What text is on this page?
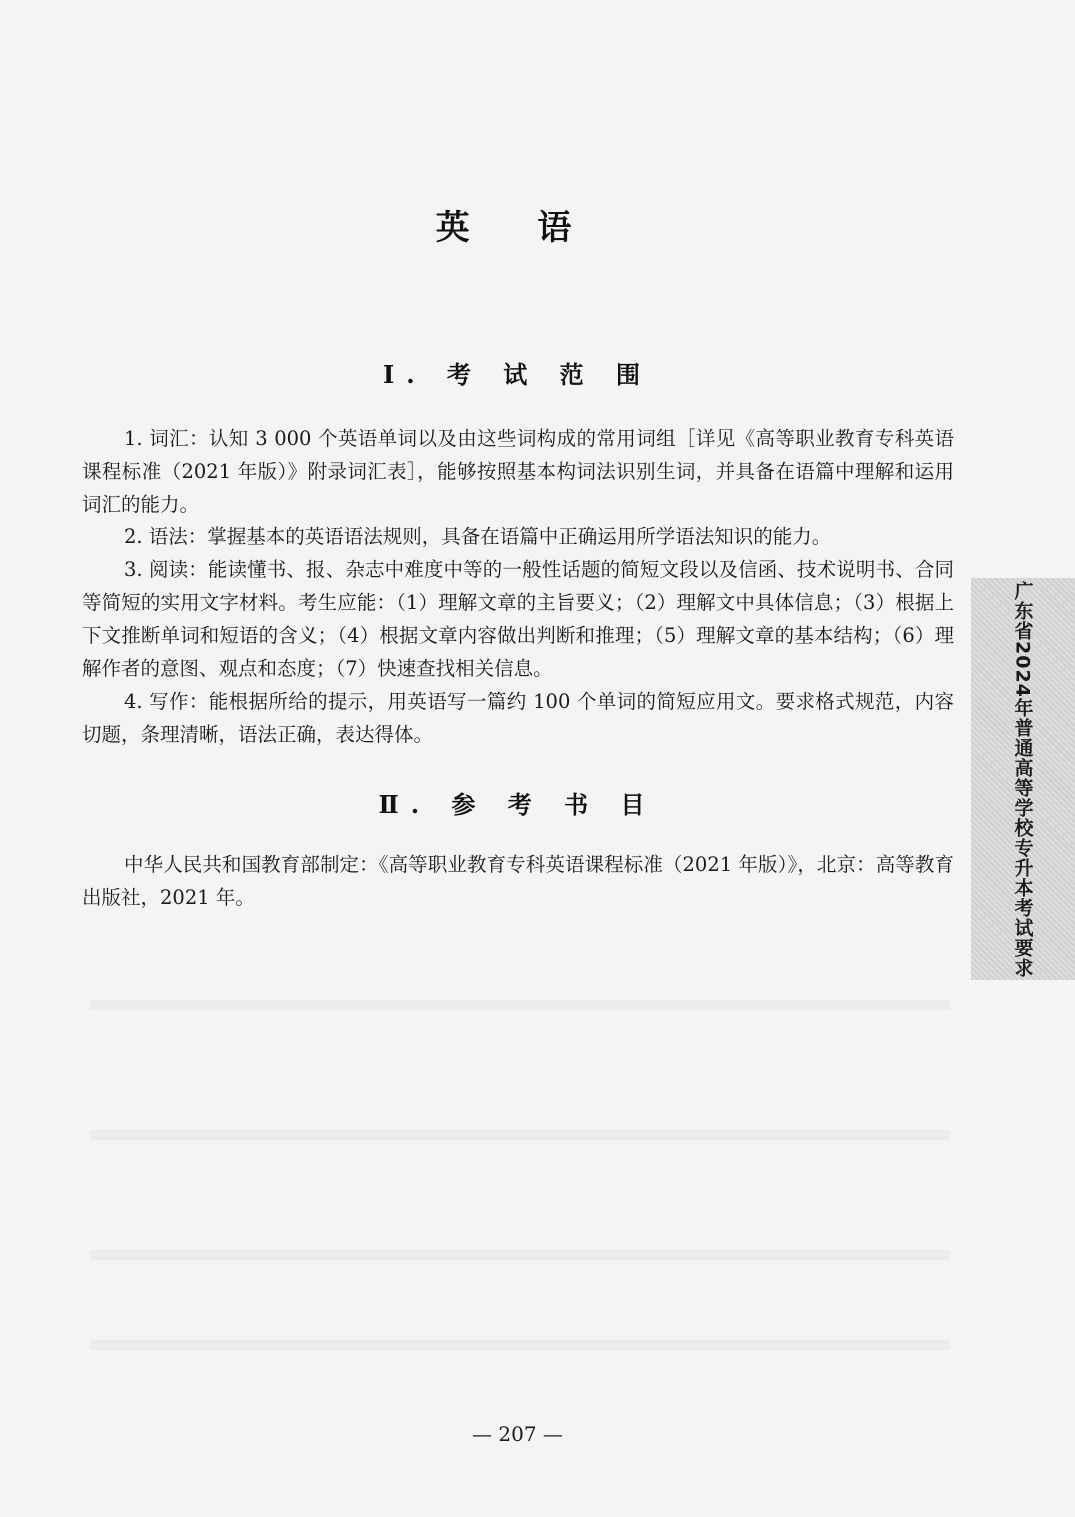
英 语
Ⅰ. 考 试 范 围
1. 词汇：认知 3 000 个英语单词以及由这些词构成的常用词组［详见《高等职业教育专科英语课程标准（2021 年版）》附录词汇表］，能够按照基本构词法识别生词，并具备在语篇中理解和运用词汇的能力。
2. 语法：掌握基本的英语语法规则，具备在语篇中正确运用所学语法知识的能力。
3. 阅读：能读懂书、报、杂志中难度中等的一般性话题的简短文段以及信函、技术说明书、合同等简短的实用文字材料。考生应能：（1）理解文章的主旨要义；（2）理解文中具体信息；（3）根据上下文推断单词和短语的含义；（4）根据文章内容做出判断和推理；（5）理解文章的基本结构；（6）理解作者的意图、观点和态度；（7）快速查找相关信息。
4. 写作：能根据所给的提示，用英语写一篇约 100 个单词的简短应用文。要求格式规范，内容切题，条理清晰，语法正确，表达得体。
Ⅱ. 参 考 书 目
中华人民共和国教育部制定：《高等职业教育专科英语课程标准（2021 年版）》，北京：高等教育出版社，2021 年。	广东省2024年普通高等学校专升本考试要求
— 207 —
